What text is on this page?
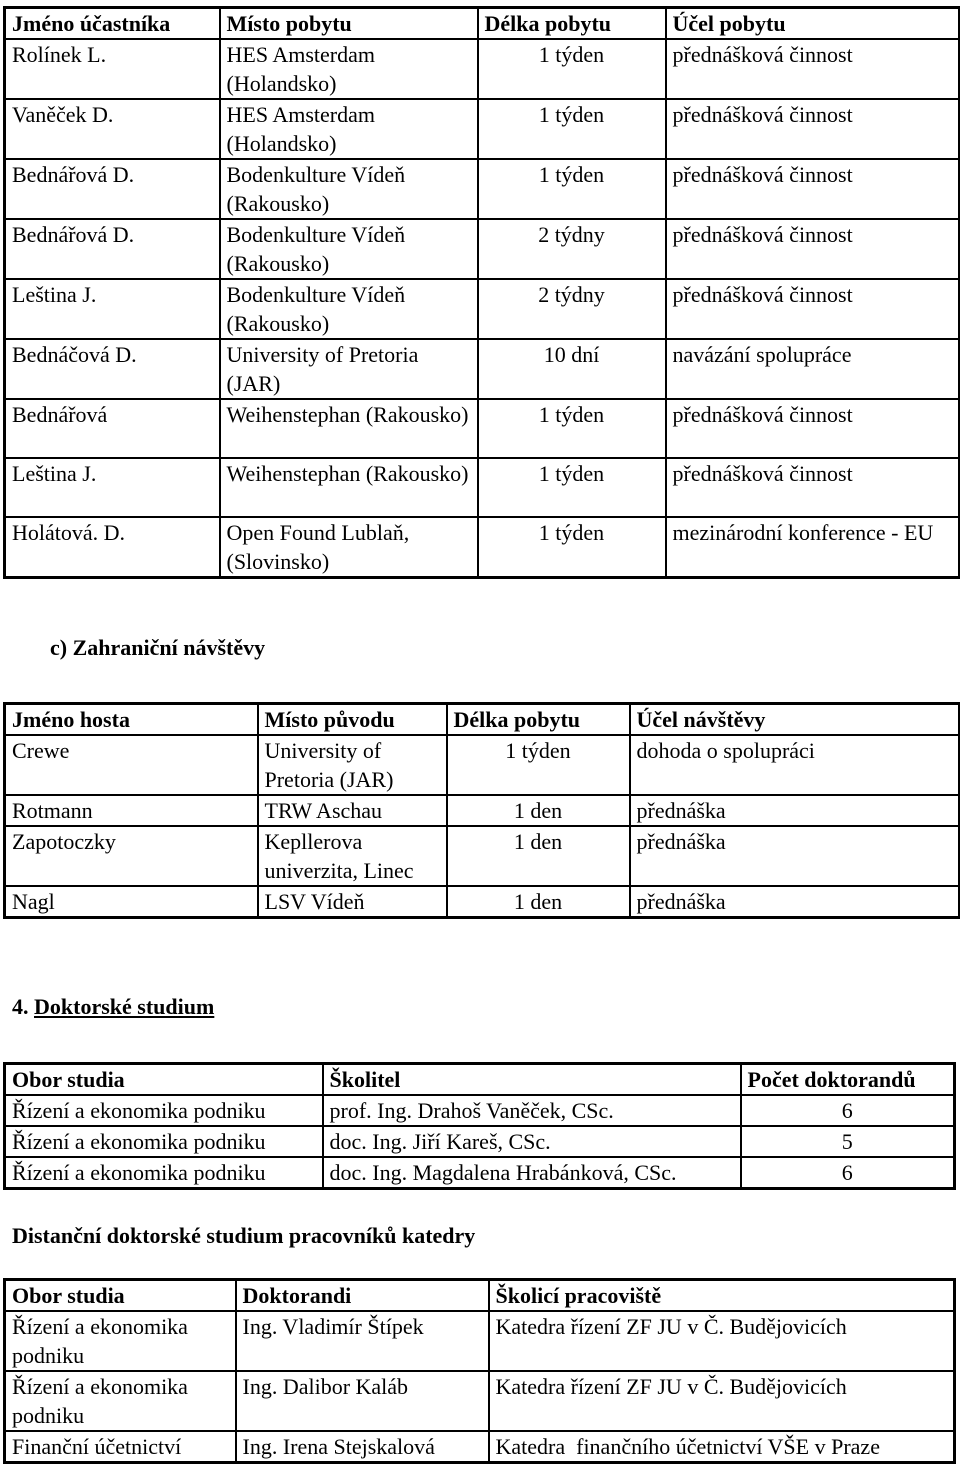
Jméno účastníka	Místo pobytu	Délka pobytu	Účel pobytu
Rolínek L.	HES Amsterdam (Holandsko)	1 týden	přednášková činnost
Vaněček D.	HES Amsterdam (Holandsko)	1 týden	přednášková činnost
Bednářová D.	Bodenkulture Vídeň (Rakousko)	1 týden	přednášková činnost
Bednářová D.	Bodenkulture Vídeň (Rakousko)	2 týdny	přednášková činnost
Leština J.	Bodenkulture Vídeň (Rakousko)	2 týdny	přednášková činnost
Bednáčová D.	University of Pretoria (JAR)	10 dní	navázání spolupráce
Bednářová	Weihenstephan (Rakousko)	1 týden	přednášková činnost
Leština J.	Weihenstephan (Rakousko)	1 týden	přednášková činnost
Holátová. D.	Open Found Lublaň, (Slovinsko)	1 týden	mezinárodní konference - EU
c) Zahraniční návštěvy
Jméno hosta	Místo původu	Délka pobytu	Účel návštěvy
Crewe	University of Pretoria (JAR)	1 týden	dohoda o spolupráci
Rotmann	TRW Aschau	1 den	přednáška
Zapotoczky	Kepllerova univerzita, Linec	1 den	přednáška
Nagl	LSV Vídeň	1 den	přednáška
4. Doktorské studium
Obor studia	Školitel	Počet doktorandů
Řízení a ekonomika podniku	prof. Ing. Drahoš Vaněček, CSc.	6
Řízení a ekonomika podniku	doc. Ing. Jiří Kareš, CSc.	5
Řízení a ekonomika podniku	doc. Ing. Magdalena Hrabánková, CSc.	6
Distanční doktorské studium pracovníků katedry
Obor studia	Doktorandi	Školicí pracoviště
Řízení a ekonomika podniku	Ing. Vladimír Štípek	Katedra řízení ZF JU v Č. Budějovicích
Řízení a ekonomika podniku	Ing. Dalibor Kaláb	Katedra řízení ZF JU v Č. Budějovicích
Finanční účetnictví	Ing. Irena Stejskalová	Katedra  finančního účetnictví VŠE v Praze
